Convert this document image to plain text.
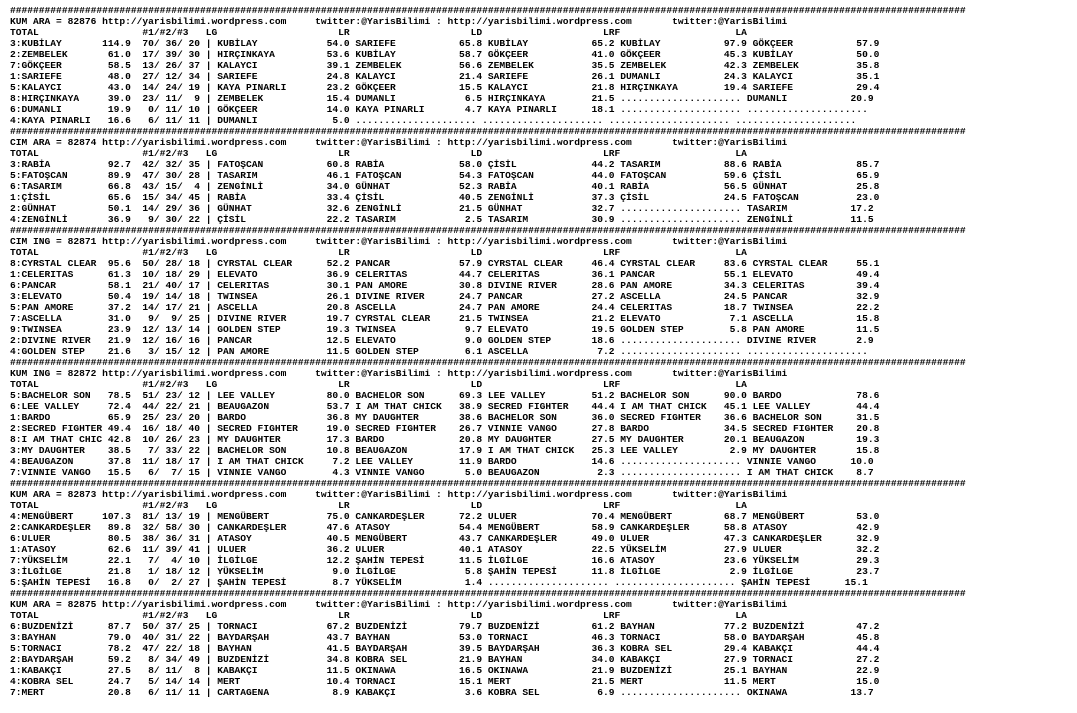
######################################################################################################################################################################
KUM ARA = 82876 http://yarisbilimi.wordpress.com     twitter:@YarisBilimi : http://yarisbilimi.wordpress.com       twitter:@YarisBilimi
TOTAL                  #1/#2/#3   LG                     LR                     LD                     LRF                    LA
3:KUBİLAY       114.9  70/ 36/ 20 | KUBİLAY            54.0 SARIEFE           65.8 KUBİLAY           65.2 KUBİLAY           97.9 GÖKÇEER           57.9
2:ZEMBELEK       61.0  17/ 39/ 30 | HIRÇINKAYA         53.6 KUBİLAY           58.7 GÖKÇEER           41.0 GÖKÇEER           45.3 KUBİLAY           50.0
7:GÖKÇEER        58.5  13/ 26/ 37 | KALAYCI            39.1 ZEMBELEK          56.6 ZEMBELEK          35.5 ZEMBELEK          42.3 ZEMBELEK          35.8
1:SARIEFE        48.0  27/ 12/ 34 | SARIEFE            24.8 KALAYCI           21.4 SARIEFE           26.1 DUMANLI           24.3 KALAYCI           35.1
5:KALAYCI        43.0  14/ 24/ 19 | KAYA PINARLI       23.2 GÖKÇEER           15.5 KALAYCI           21.8 HIRÇINKAYA        19.4 SARIEFE           29.4
8:HIRÇINKAYA     39.0  23/ 11/  9 | ZEMBELEK           15.4 DUMANLI            6.5 HIRÇINKAYA        21.5 ..................... DUMANLI           20.9
6:DUMANLI        19.9   0/ 11/ 10 | GÖKÇEER            14.0 KAYA PINARLI       4.7 KAYA PINARLI      18.1 ..................... .....................
4:KAYA PINARLI   16.6   6/ 11/ 11 | DUMANLI             5.0 ..................... ..................... ..................... .....................
######################################################################################################################################################################
CIM ARA = 82874 http://yarisbilimi.wordpress.com     twitter:@YarisBilimi : http://yarisbilimi.wordpress.com       twitter:@YarisBilimi
TOTAL                  #1/#2/#3   LG                     LR                     LD                     LRF                    LA
3:RABİA          92.7  42/ 32/ 35 | FATOŞCAN           60.8 RABİA             58.0 ÇİSİL             44.2 TASARIM           88.6 RABİA             85.7
5:FATOŞCAN       89.9  47/ 30/ 28 | TASARIM            46.1 FATOŞCAN          54.3 FATOŞCAN          44.0 FATOŞCAN          59.6 ÇİSİL             65.9
6:TASARIM        66.8  43/ 15/  4 | ZENGİNLİ           34.0 GÜNHAT            52.3 RABİA             40.1 RABİA             56.5 GÜNHAT            25.8
1:ÇİSİL          65.6  15/ 34/ 45 | RABİA              33.4 ÇİSİL             40.5 ZENGİNLİ          37.3 ÇİSİL             24.5 FATOŞCAN          23.0
2:GÜNHAT         50.1  14/ 29/ 36 | GÜNHAT             32.6 ZENGİNLİ          21.5 GÜNHAT            32.7 ..................... TASARIM           17.2
4:ZENGİNLİ       36.9   9/ 30/ 22 | ÇİSİL              22.2 TASARIM            2.5 TASARIM           30.9 ..................... ZENGİNLİ          11.5
######################################################################################################################################################################
CIM ING = 82871 http://yarisbilimi.wordpress.com     twitter:@YarisBilimi : http://yarisbilimi.wordpress.com       twitter:@YarisBilimi
TOTAL                  #1/#2/#3   LG                     LR                     LD                     LRF                    LA
8:CYRSTAL CLEAR  95.6  50/ 28/ 18 | CYRSTAL CLEAR      52.2 PANCAR            57.9 CYRSTAL CLEAR     46.4 CYRSTAL CLEAR     83.6 CYRSTAL CLEAR     55.1
1:CELERITAS      61.3  10/ 18/ 29 | ELEVATO            36.9 CELERITAS         44.7 CELERITAS         36.1 PANCAR            55.1 ELEVATO           49.4
6:PANCAR         58.1  21/ 40/ 17 | CELERITAS          30.1 PAN AMORE         30.8 DIVINE RIVER      28.6 PAN AMORE         34.3 CELERITAS         39.4
3:ELEVATO        50.4  19/ 14/ 18 | TWINSEA            26.1 DIVINE RIVER      24.7 PANCAR            27.2 ASCELLA           24.5 PANCAR            32.9
5:PAN AMORE      37.2  14/ 17/ 21 | ASCELLA            20.8 ASCELLA           24.7 PAN AMORE         24.4 CELERITAS         18.7 TWINSEA           22.2
7:ASCELLA        31.0   9/  9/ 25 | DIVINE RIVER       19.7 CYRSTAL CLEAR     21.5 TWINSEA           21.2 ELEVATO            7.1 ASCELLA           15.8
9:TWINSEA        23.9  12/ 13/ 14 | GOLDEN STEP        19.3 TWINSEA            9.7 ELEVATO           19.5 GOLDEN STEP        5.8 PAN AMORE         11.5
2:DIVINE RIVER   21.9  12/ 16/ 16 | PANCAR             12.5 ELEVATO            9.0 GOLDEN STEP       18.6 ..................... DIVINE RIVER       2.9
4:GOLDEN STEP    21.6   3/ 15/ 12 | PAN AMORE          11.5 GOLDEN STEP        6.1 ASCELLA            7.2 ..................... .....................
######################################################################################################################################################################
KUM ING = 82872 http://yarisbilimi.wordpress.com     twitter:@YarisBilimi : http://yarisbilimi.wordpress.com       twitter:@YarisBilimi
TOTAL                  #1/#2/#3   LG                     LR                     LD                     LRF                    LA
5:BACHELOR SON   78.5  51/ 23/ 12 | LEE VALLEY         80.0 BACHELOR SON      69.3 LEE VALLEY        51.2 BACHELOR SON      90.0 BARDO             78.6
6:LEE VALLEY     72.4  44/ 22/ 21 | BEAUGAZON          53.7 I AM THAT CHICK   38.9 SECRED FIGHTER    44.4 I AM THAT CHICK   45.1 LEE VALLEY        44.4
1:BARDO          65.9  25/ 23/ 20 | BARDO              36.8 MY DAUGHTER       38.6 BACHELOR SON      36.0 SECRED FIGHTER    36.6 BACHELOR SON      31.5
2:SECRED FIGHTER 49.4  16/ 18/ 40 | SECRED FIGHTER     19.0 SECRED FIGHTER    26.7 VINNIE VANGO      27.8 BARDO             34.5 SECRED FIGHTER    20.8
8:I AM THAT CHIC 42.8  10/ 26/ 23 | MY DAUGHTER        17.3 BARDO             20.8 MY DAUGHTER       27.5 MY DAUGHTER       20.1 BEAUGAZON         19.3
3:MY DAUGHTER    38.5   7/ 33/ 22 | BACHELOR SON       10.8 BEAUGAZON         17.9 I AM THAT CHICK   25.3 LEE VALLEY         2.9 MY DAUGHTER       15.8
4:BEAUGAZON      37.8  11/ 18/ 17 | I AM THAT CHICK     7.2 LEE VALLEY        11.9 BARDO             14.6 ..................... VINNIE VANGO      10.0
7:VINNIE VANGO   15.5   6/  7/ 15 | VINNIE VANGO        4.3 VINNIE VANGO       5.0 BEAUGAZON          2.3 ..................... I AM THAT CHICK    8.7
######################################################################################################################################################################
KUM ARA = 82873 http://yarisbilimi.wordpress.com     twitter:@YarisBilimi : http://yarisbilimi.wordpress.com       twitter:@YarisBilimi
TOTAL                  #1/#2/#3   LG                     LR                     LD                     LRF                    LA
4:MENGÜBERT     107.3  81/ 13/ 19 | MENGÜBERT          75.0 CANKARDEŞLER      72.2 ULUER             70.4 MENGÜBERT         68.7 MENGÜBERT         53.0
2:CANKARDEŞLER   89.8  32/ 58/ 30 | CANKARDEŞLER       47.6 ATASOY            54.4 MENGÜBERT         58.9 CANKARDEŞLER      58.8 ATASOY            42.9
6:ULUER          80.5  38/ 36/ 31 | ATASOY             40.5 MENGÜBERT         43.7 CANKARDEŞLER      49.0 ULUER             47.3 CANKARDEŞLER      32.9
1:ATASOY         62.6  11/ 39/ 41 | ULUER              36.2 ULUER             40.1 ATASOY            22.5 YÜKSELİM          27.9 ULUER             32.2
7:YÜKSELİM       22.1   7/  4/ 10 | İLGİLGE            12.2 ŞAHİN TEPESİ      11.5 İLGİLGE           16.6 ATASOY            23.6 YÜKSELİM          29.3
3:İLGİLGE        21.8   1/ 18/ 12 | YÜKSELİM            9.0 İLGİLGE            5.8 ŞAHİN TEPESİ      11.8 İLGİLGE            2.9 İLGİLGE           23.7
5:ŞAHİN TEPESİ   16.8   0/  2/ 27 | ŞAHİN TEPESİ        8.7 YÜKSELİM           1.4 ..................... ..................... ŞAHİN TEPESİ      15.1
######################################################################################################################################################################
KUM ARA = 82875 http://yarisbilimi.wordpress.com     twitter:@YarisBilimi : http://yarisbilimi.wordpress.com       twitter:@YarisBilimi
TOTAL                  #1/#2/#3   LG                     LR                     LD                     LRF                    LA
6:BUZDENİZİ      87.7  50/ 37/ 25 | TORNACI            67.2 BUZDENİZİ         79.7 BUZDENİZİ         61.2 BAYHAN            77.2 BUZDENİZİ         47.2
3:BAYHAN         79.0  40/ 31/ 22 | BAYDARŞAH          43.7 BAYHAN            53.0 TORNACI           46.3 TORNACI           58.0 BAYDARŞAH         45.8
5:TORNACI        78.2  47/ 22/ 18 | BAYHAN             41.5 BAYDARŞAH         39.5 BAYDARŞAH         36.3 KOBRA SEL         29.4 KABAKÇI           44.4
2:BAYDARŞAH      59.2   8/ 34/ 49 | BUZDENİZİ          34.8 KOBRA SEL         21.9 BAYHAN            34.0 KABAKÇI           27.9 TORNACI           27.2
1:KABAKÇI        27.5   8/ 11/  8 | KABAKÇI            11.5 OKINAWA           16.5 OKINAWA           21.9 BUZDENİZİ         25.1 BAYHAN            22.9
4:KOBRA SEL      24.7   5/ 14/ 14 | MERT               10.4 TORNACI           15.1 MERT              21.5 MERT              11.5 MERT              15.0
7:MERT           20.8   6/ 11/ 11 | CARTAGENA           8.9 KABAKÇI            3.6 KOBRA SEL          6.9 ..................... OKINAWA           13.7
